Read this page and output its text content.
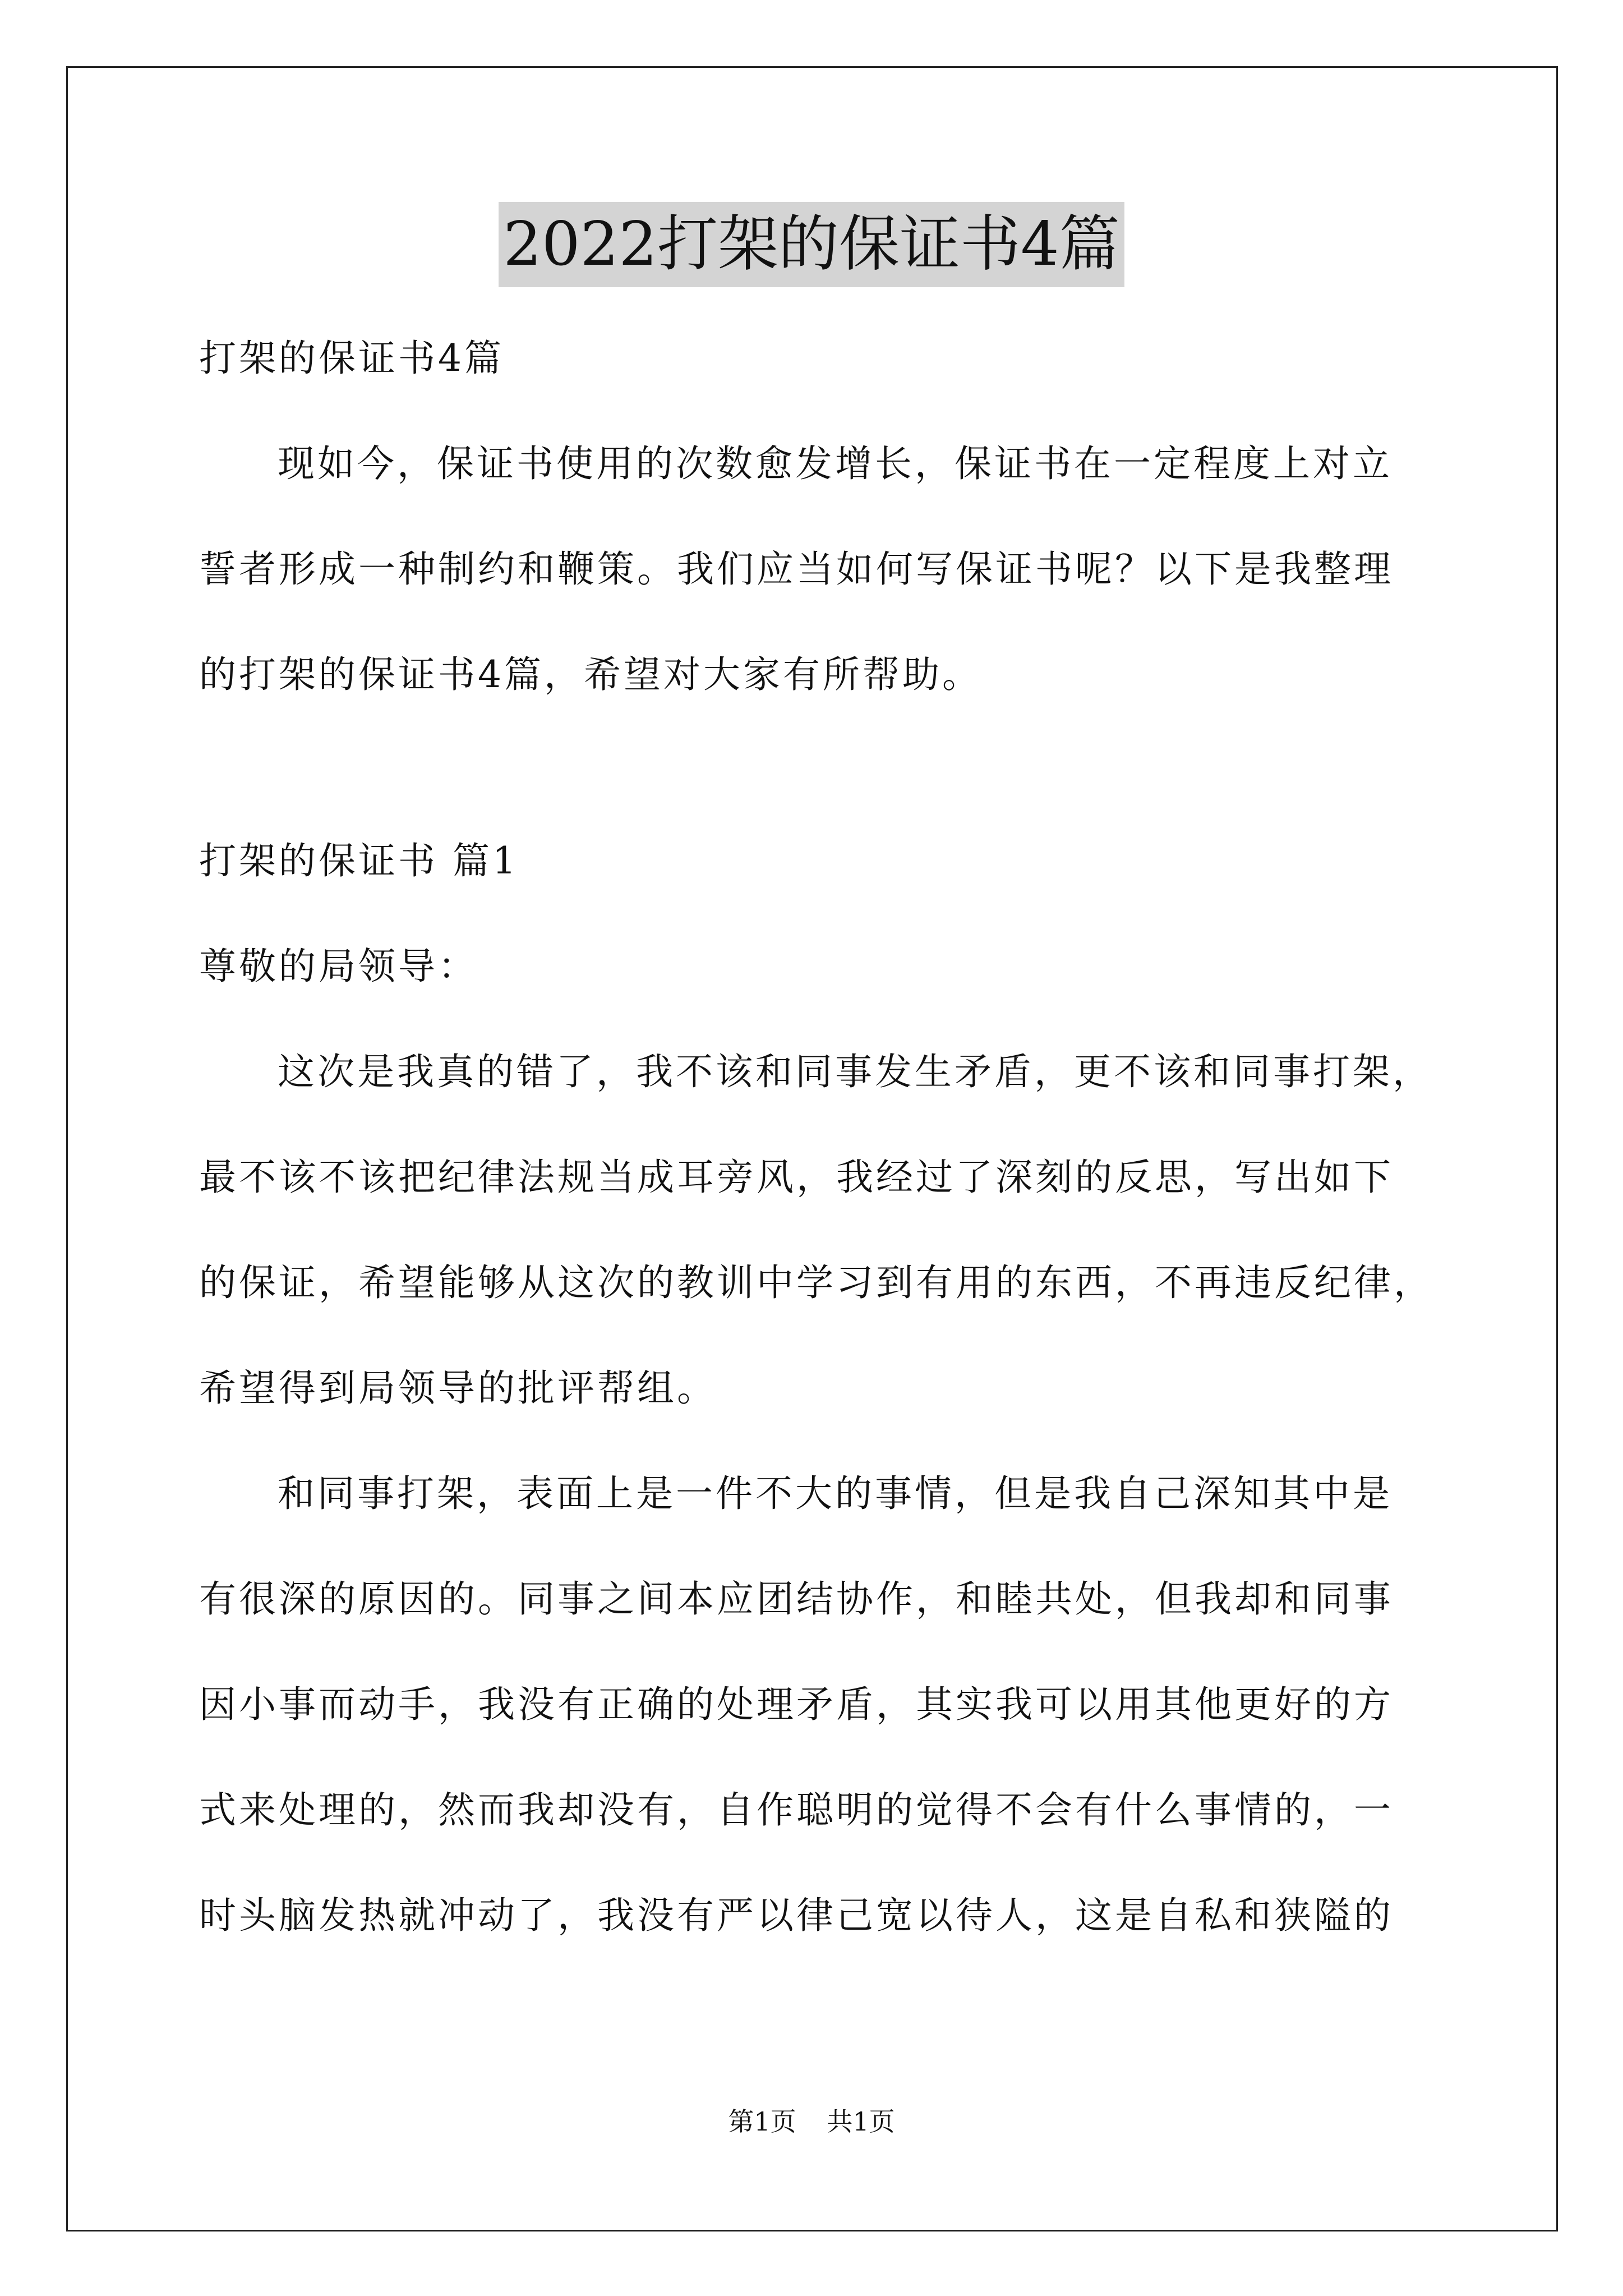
2022打架的保证书4篇
打架的保证书4篇
现如今，保证书使用的次数愈发增长，保证书在一定程度上对立
誓者形成一种制约和鞭策。我们应当如何写保证书呢？以下是我整理
的打架的保证书4篇，希望对大家有所帮助。
打架的保证书 篇1
尊敬的局领导：
这次是我真的错了，我不该和同事发生矛盾，更不该和同事打架，
最不该不该把纪律法规当成耳旁风，我经过了深刻的反思，写出如下
的保证，希望能够从这次的教训中学习到有用的东西，不再违反纪律，
希望得到局领导的批评帮组。
和同事打架，表面上是一件不大的事情，但是我自己深知其中是
有很深的原因的。同事之间本应团结协作，和睦共处，但我却和同事
因小事而动手，我没有正确的处理矛盾，其实我可以用其他更好的方
式来处理的，然而我却没有，自作聪明的觉得不会有什么事情的，一
时头脑发热就冲动了，我没有严以律己宽以待人，这是自私和狭隘的
第1页 共1页
